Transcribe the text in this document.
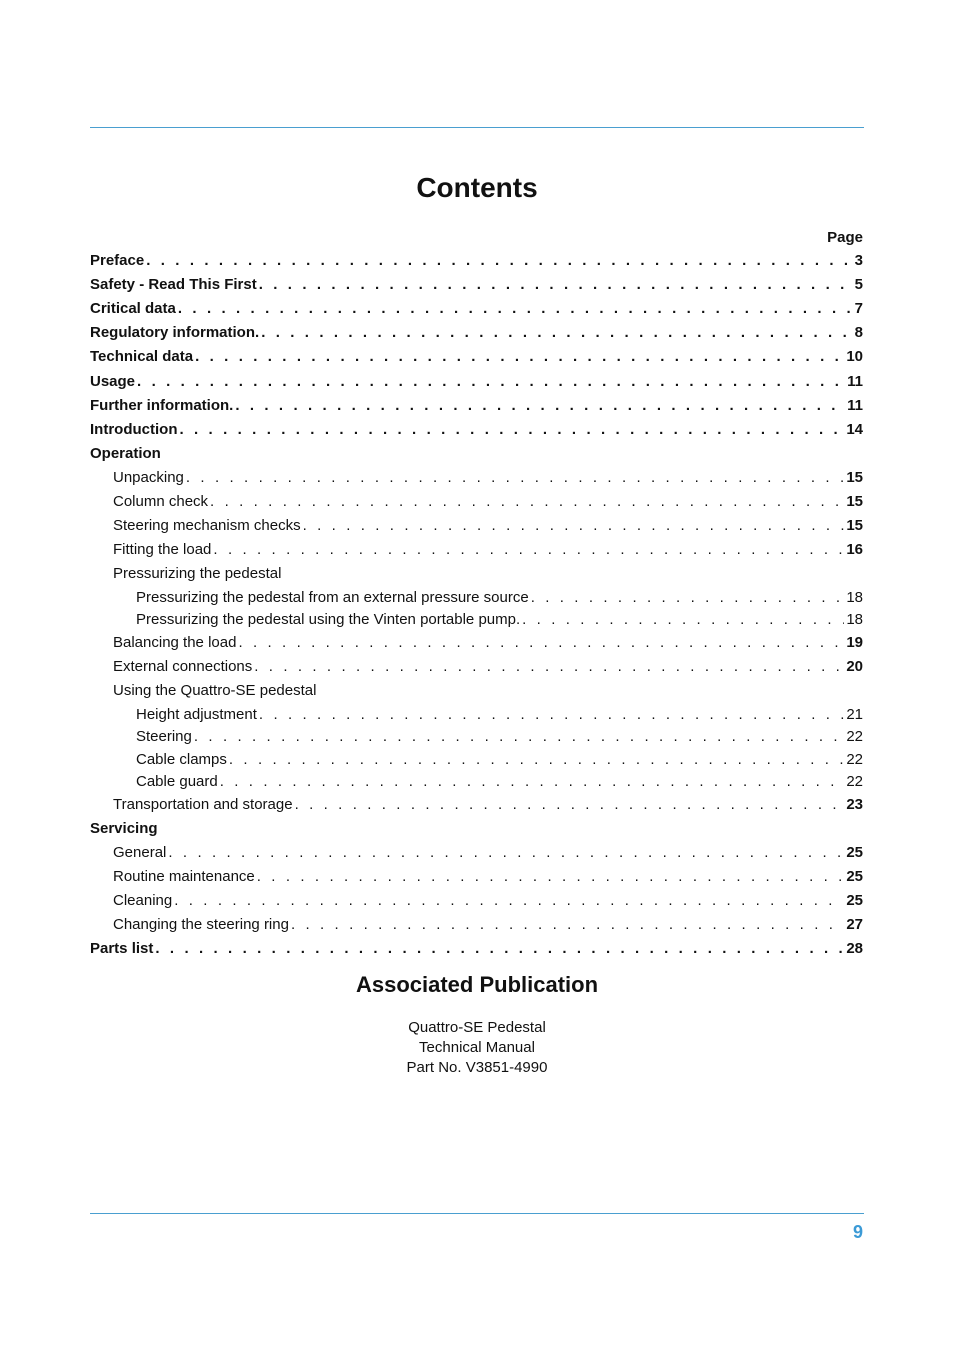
Contents
Page
Preface . . .	3
Safety - Read This First . . .	5
Critical data . . .	7
Regulatory information. . . .	8
Technical data . . .	10
Usage . . .	11
Further information. . . .	11
Introduction . . .	14
Operation
Unpacking . . .	15
Column check . . .	15
Steering mechanism checks . . .	15
Fitting the load . . .	16
Pressurizing the pedestal
Pressurizing the pedestal from an external pressure source . . .	18
Pressurizing the pedestal using the Vinten portable pump. . . .	18
Balancing the load . . .	19
External connections . . .	20
Using the Quattro-SE pedestal
Height adjustment . . .	21
Steering . . .	22
Cable clamps . . .	22
Cable guard . . .	22
Transportation and storage . . .	23
Servicing
General . . .	25
Routine maintenance . . .	25
Cleaning . . .	25
Changing the steering ring . . .	27
Parts list . . .	28
Associated Publication
Quattro-SE Pedestal
Technical Manual
Part No. V3851-4990
9
